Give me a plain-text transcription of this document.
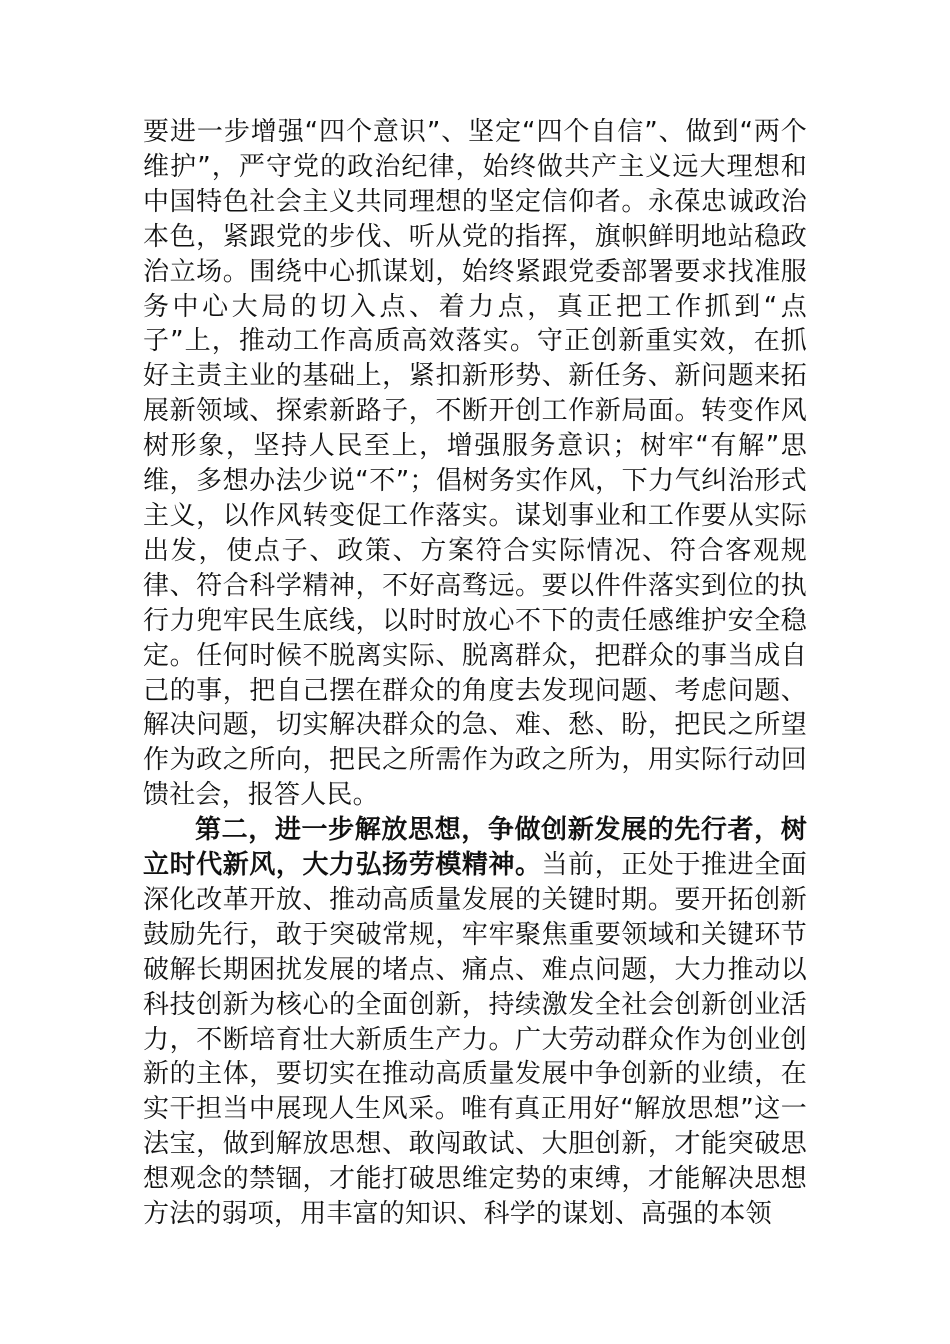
要进一步增强“四个意识”、坚定“四个自信”、做到“两个维护”，严守党的政治纪律，始终做共产主义远大理想和中国特色社会主义共同理想的坚定信仰者。永葆忠诚政治本色，紧跟党的步伐、听从党的指挥，旗帜鲜明地站稳政治立场。围绕中心抓谋划，始终紧跟党委部署要求找准服务中心大局的切入点、着力点，真正把工作抓到“点子”上，推动工作高质高效落实。守正创新重实效，在抓好主责主业的基础上，紧扣新形势、新任务、新问题来拓展新领域、探索新路子，不断开创工作新局面。转变作风树形象，坚持人民至上，增强服务意识；树牢“有解”思维，多想办法少说“不”；倡树务实作风，下力气纠治形式主义，以作风转变促工作落实。谋划事业和工作要从实际出发，使点子、政策、方案符合实际情况、符合客观规律、符合科学精神，不好高骛远。要以件件落实到位的执行力兜牢民生底线，以时时放心不下的责任感维护安全稳定。任何时候不脱离实际、脱离群众，把群众的事当成自己的事，把自己摆在群众的角度去发现问题、考虑问题、解决问题，切实解决群众的急、难、愁、盼，把民之所望作为政之所向，把民之所需作为政之所为，用实际行动回馈社会，报答人民。

第二，进一步解放思想，争做创新发展的先行者，树立时代新风，大力弘扬劳模精神。当前，正处于推进全面深化改革开放、推动高质量发展的关键时期。要开拓创新鼓励先行，敢于突破常规，牢牢聚焦重要领域和关键环节破解长期困扰发展的堵点、痛点、难点问题，大力推动以科技创新为核心的全面创新，持续激发全社会创新创业活力，不断培育壮大新质生产力。广大劳动群众作为创业创新的主体，要切实在推动高质量发展中争创新的业绩，在实干担当中展现人生风采。唯有真正用好“解放思想”这一法宝，做到解放思想、敢闯敢试、大胆创新，才能突破思想观念的禁锢，才能打破思维定势的束缚，才能解决思想方法的弱项，用丰富的知识、科学的谋划、高强的本领
